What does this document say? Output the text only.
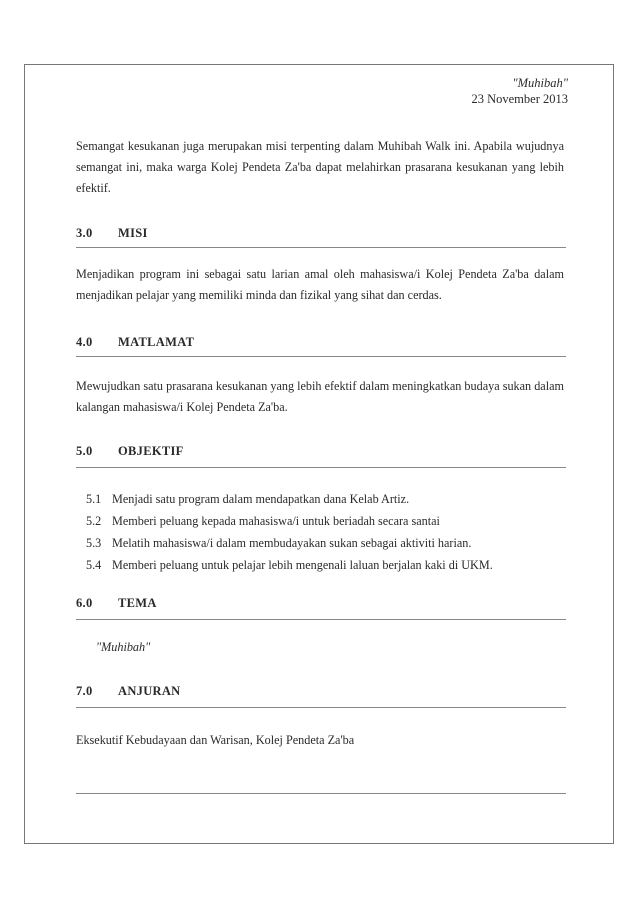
"Muhibah"
23 November 2013
Semangat kesukanan juga merupakan misi terpenting dalam Muhibah Walk ini. Apabila wujudnya semangat ini, maka warga Kolej Pendeta Za'ba dapat melahirkan prasarana kesukanan yang lebih efektif.
3.0 MISI
Menjadikan program ini sebagai satu larian amal oleh mahasiswa/i Kolej Pendeta Za'ba dalam menjadikan pelajar yang memiliki minda dan fizikal yang sihat dan cerdas.
4.0 MATLAMAT
Mewujudkan satu prasarana kesukanan yang lebih efektif dalam meningkatkan budaya sukan dalam kalangan mahasiswa/i Kolej Pendeta Za'ba.
5.0 OBJEKTIF
5.1 Menjadi satu program dalam mendapatkan dana Kelab Artiz.
5.2 Memberi peluang kepada mahasiswa/i untuk beriadah secara santai
5.3 Melatih mahasiswa/i dalam membudayakan sukan sebagai aktiviti harian.
5.4 Memberi peluang untuk pelajar lebih mengenali laluan berjalan kaki di UKM.
6.0 TEMA
"Muhibah"
7.0 ANJURAN
Eksekutif Kebudayaan dan Warisan, Kolej Pendeta Za'ba
